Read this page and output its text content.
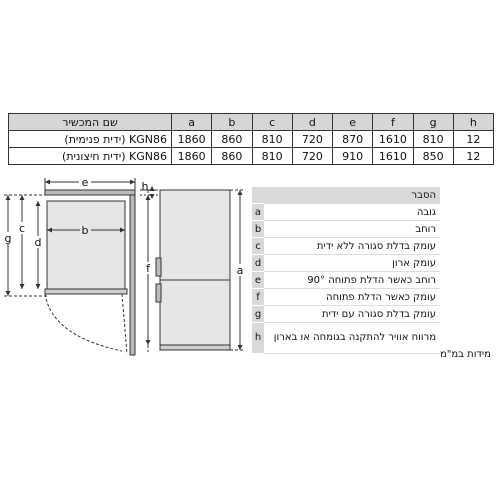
שם המכשיר	a	b	c	d	e	f	g	h
KGN86 (ידית פנימית)	1860	860	810	720	870	1610	810	12
KGN86 (ידית חיצונית)	1860	860	810	720	910	1610	850	12
e
b
g
c
d
h
f	a
	הסבר
a	גובה
b	רוחב
c	עומק בדלת סגורה ללא ידית
d	עומק ארון
e	רוחב כאשר הדלת פתוחה 90°
f	עומק כאשר הדלת פתוחה
g	עומק בדלת סגורה עם ידית
h	מרווח אוויר להתקנה בגומחה או בארון
מידות במ"מ
